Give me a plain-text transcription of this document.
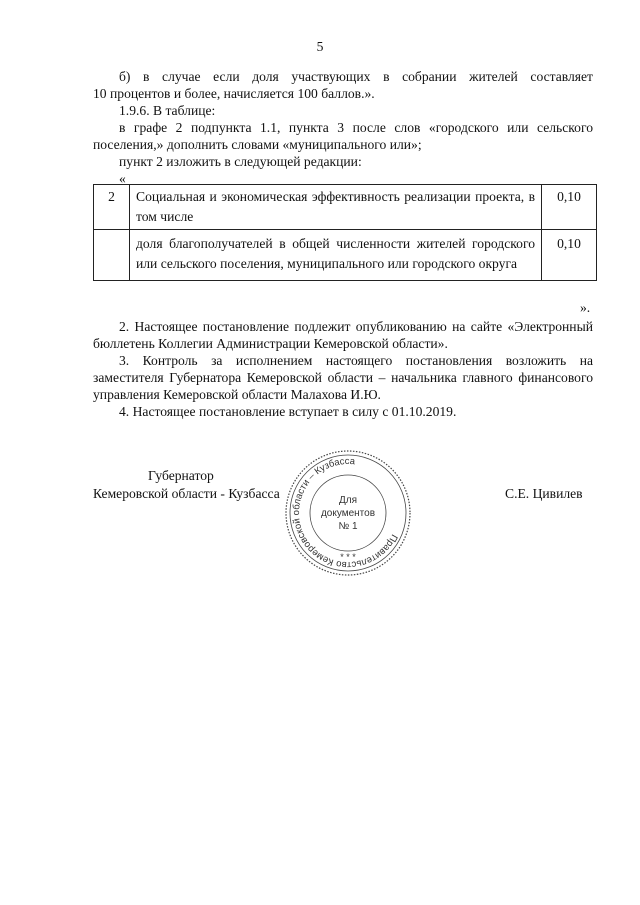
5

б) в случае если доля участвующих в собрании жителей составляет

10 процентов и более, начисляется 100 баллов.».

1.9.6. В таблице:

в графе 2 подпункта 1.1, пункта 3 после слов «городского или сельского поселения,» дополнить словами «муниципального или»;

пункт 2 изложить в следующей редакции:

«

2	Социальная и экономическая эффективность реализации проекта, в том числе	0,10
	доля благополучателей в общей численности жителей городского или сельского поселения, муниципального или городского округа	0,10
».

2. Настоящее постановление подлежит опубликованию на сайте «Электронный бюллетень Коллегии Администрации Кемеровской области».

3. Контроль за исполнением настоящего постановления возложить на заместителя Губернатора Кемеровской области – начальника главного финансового управления Кемеровской области Малахова И.Ю.

4. Настоящее постановление вступает в силу с 01.10.2019.

Губернатор
Кемеровской области - Кузбасса	С.Е. Цивилев
Правительство Кемеровской области – Кузбасса
* * *
Для
документов
№ 1
